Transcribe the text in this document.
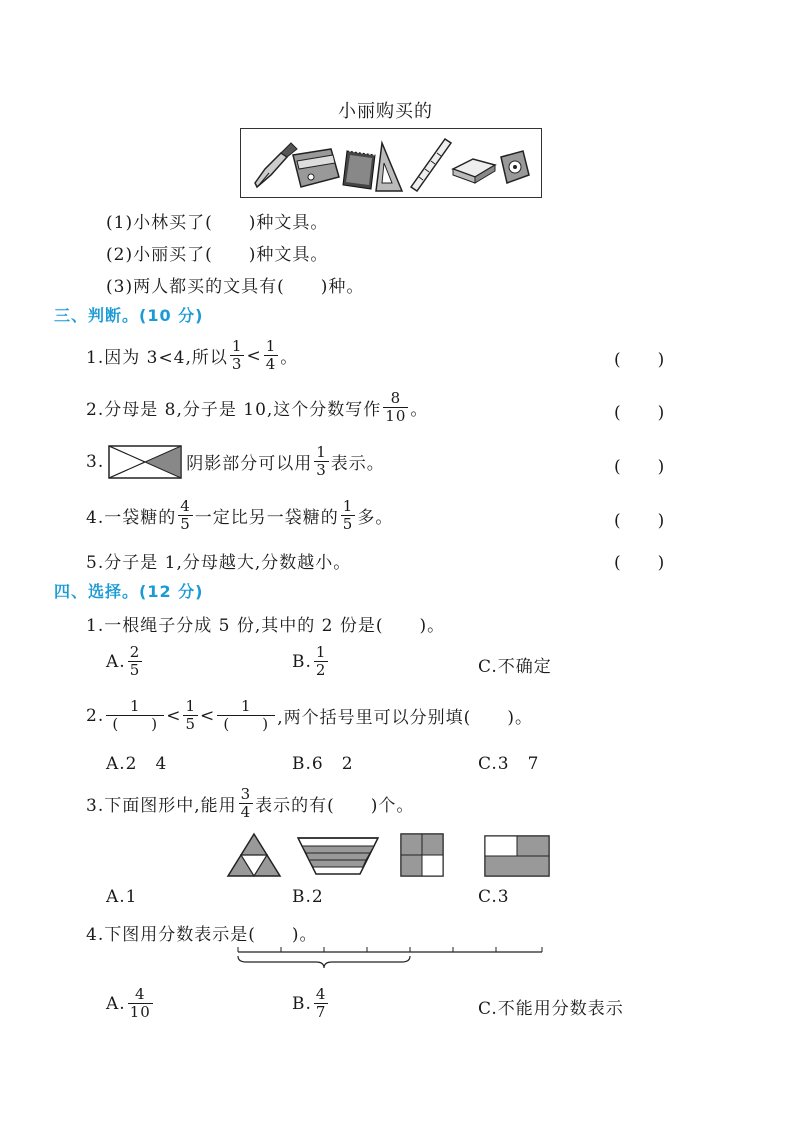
小丽购买的
(1)小林买了(　　)种文具。
(2)小丽买了(　　)种文具。
(3)两人都买的文具有(　　)种。
三、判断。(10 分)
1.因为 3<4,所以 $\frac{1}{3} < \frac{1}{4}$ 。	(　　)
2.分母是 8,分子是 10,这个分数写作 $\frac{8}{10}$ 。	(　　)
3.	阴影部分可以用 $\frac{1}{3}$ 表示。	(　　)
4.一袋糖的 $\frac{4}{5}$ 一定比另一袋糖的 $\frac{1}{5}$ 多。	(　　)
5.分子是 1,分母越大,分数越小。	(　　)
四、选择。(12 分)
1.一根绳子分成 5 份,其中的 2 份是(　　)。
A. $\frac{2}{5}$	B. $\frac{1}{2}$	C.不确定
2. $\frac{1}{( )} < \frac{1}{5} < \frac{1}{( )}$ ,两个括号里可以分别填(　　)。
A.2　4	B.6　2	C.3　7
3.下面图形中,能用 $\frac{3}{4}$ 表示的有(　　)个。
A.1	B.2	C.3
4.下图用分数表示是(　　)。
A. $\frac{4}{10}$	B. $\frac{4}{7}$	C.不能用分数表示
